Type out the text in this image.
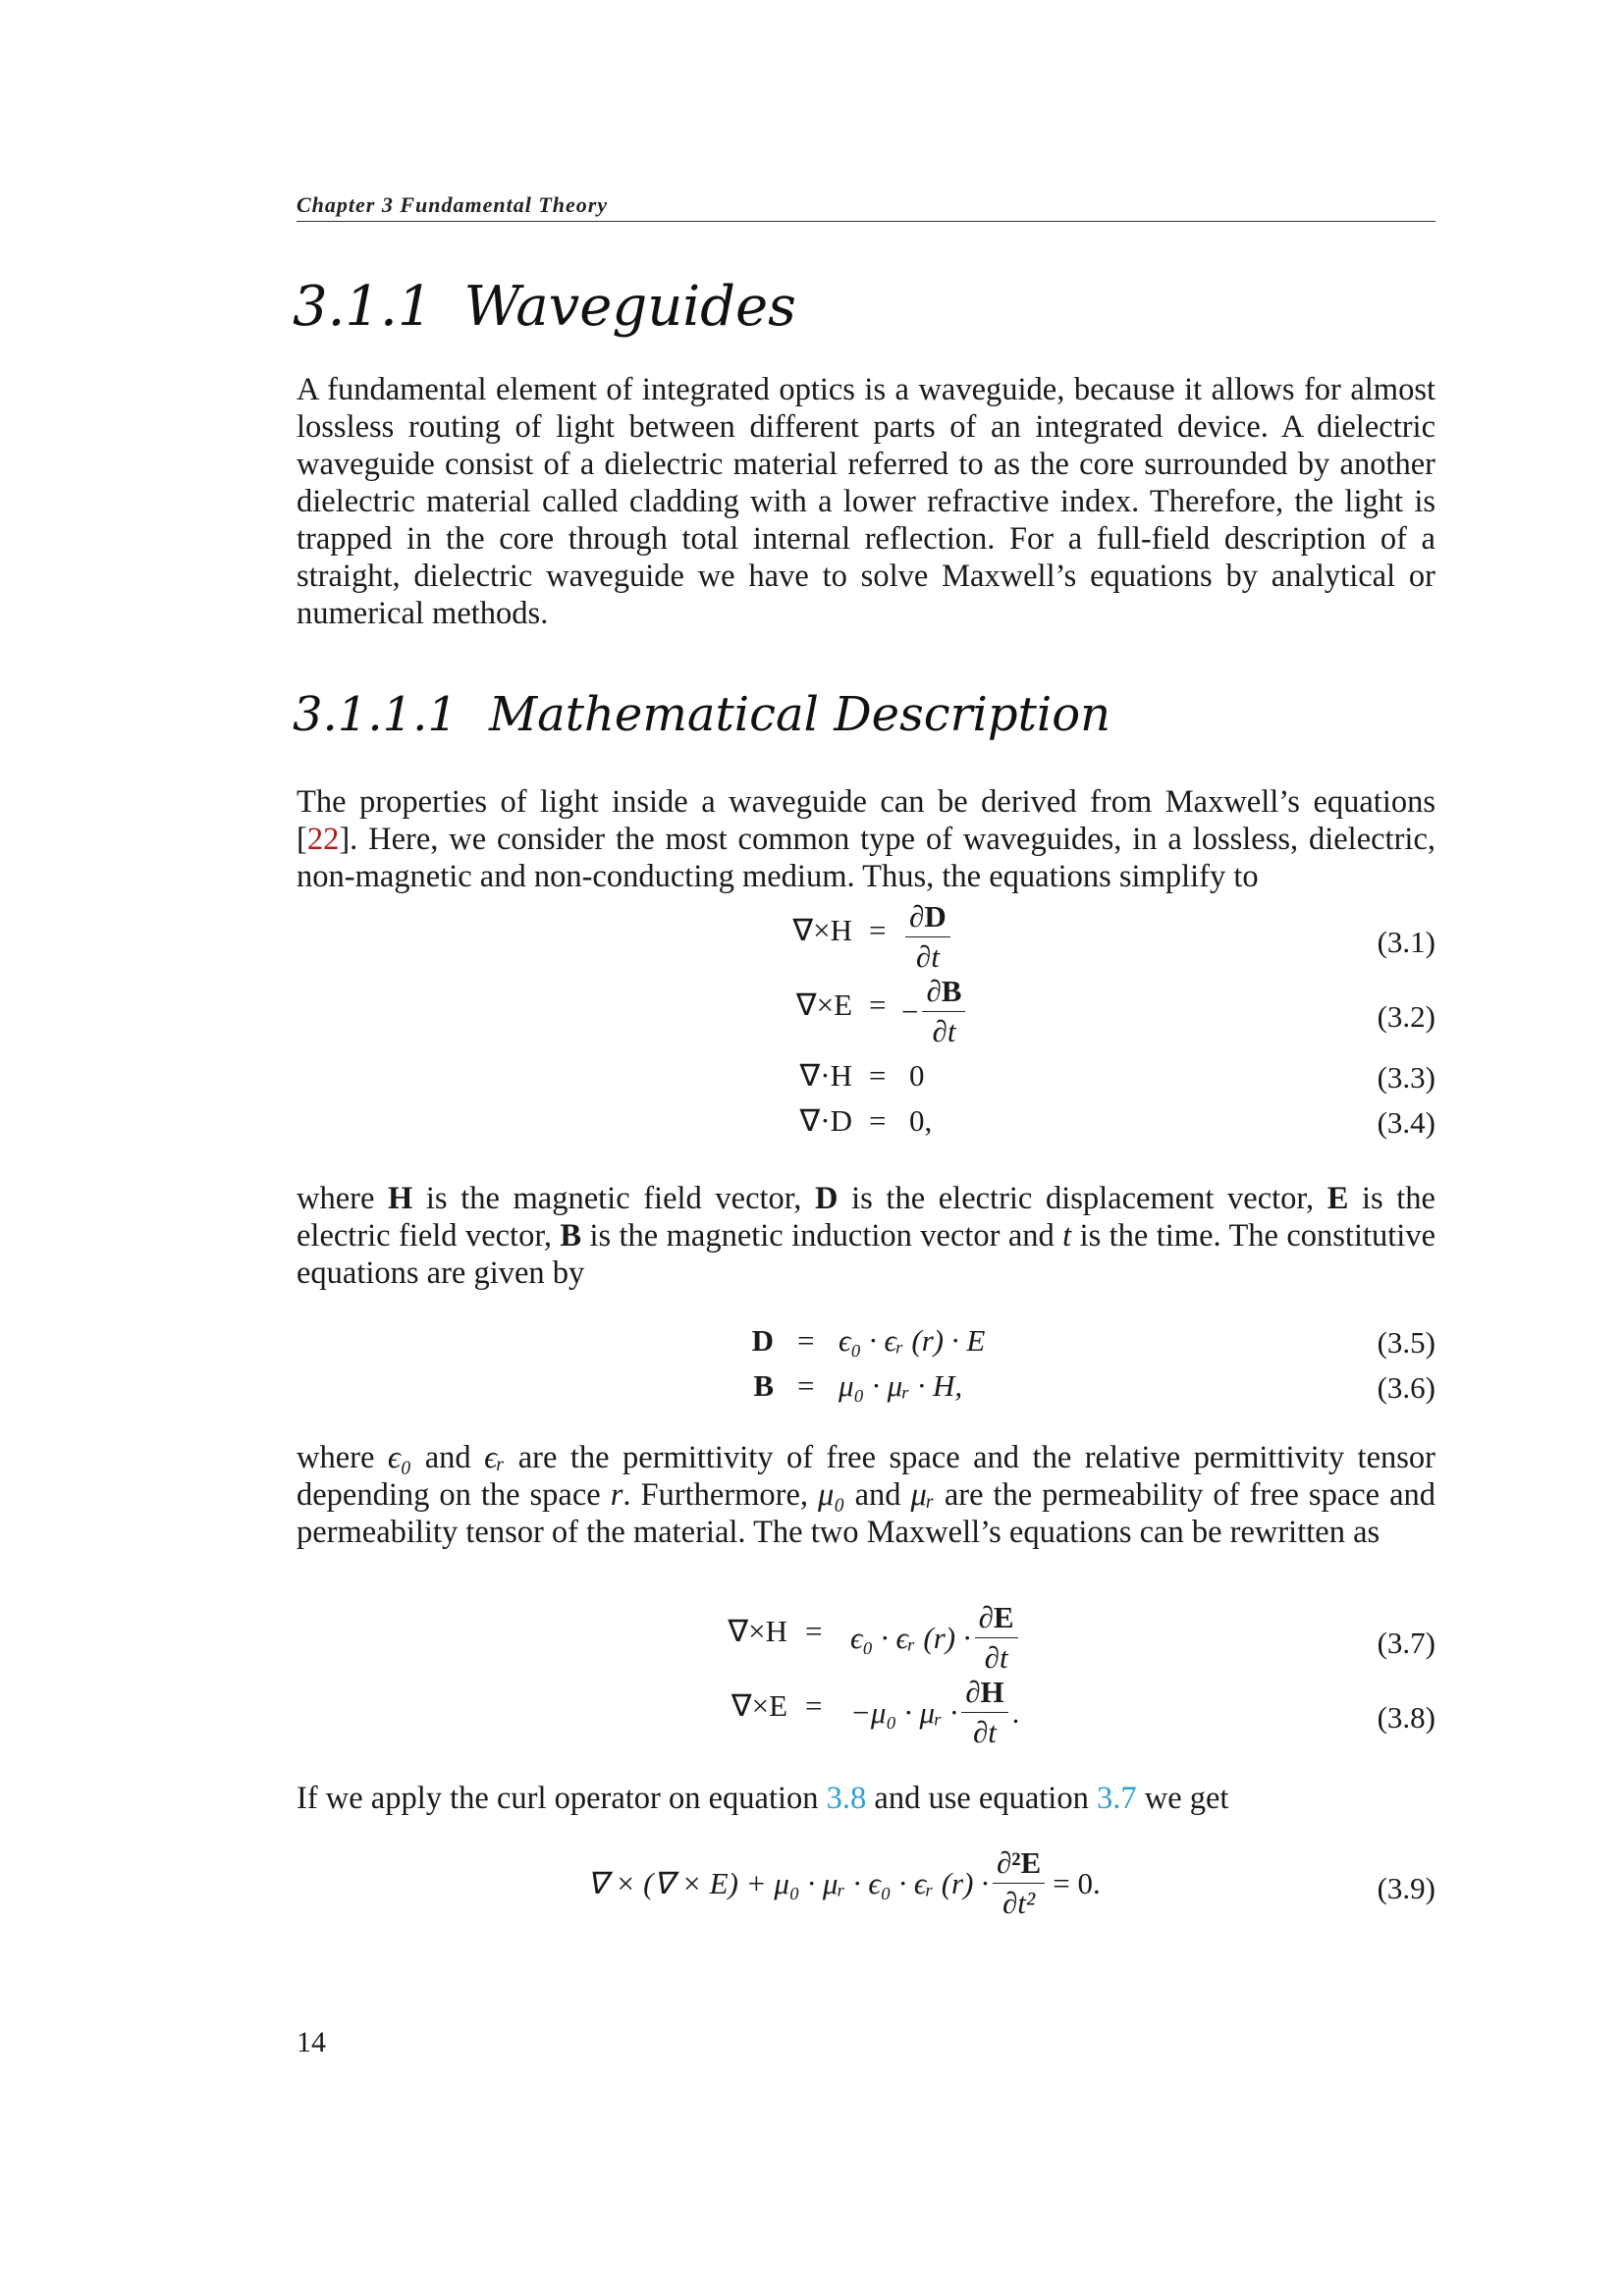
Chapter 3 Fundamental Theory
3.1.1 Waveguides

A fundamental element of integrated optics is a waveguide, because it allows for almost lossless routing of light between different parts of an integrated device. A dielectric waveguide consist of a dielectric material referred to as the core surrounded by another dielectric material called cladding with a lower refractive index. Therefore, the light is trapped in the core through total internal reflection. For a full-field description of a straight, dielectric waveguide we have to solve Maxwell’s equations by analytical or numerical methods.

3.1.1.1 Mathematical Description

The properties of light inside a waveguide can be derived from Maxwell’s equations [22]. Here, we consider the most common type of waveguides, in a lossless, dielectric, non-magnetic and non-conducting medium. Thus, the equations simplify to

$\nabla\times H = \frac{\partial D}{\partial t}$	(3.1)
∇×E = − $\frac{\partial B}{\partial t}$	(3.2)
∇·H = 0	(3.3)
∇·D = 0,	(3.4)

where H is the magnetic field vector, D is the electric displacement vector, E is the electric field vector, B is the magnetic induction vector and t is the time. The constitutive equations are given by

D = ϵ₀ · ϵᵣ (r) · E	(3.5)
B = μ₀ · μᵣ · H,	(3.6)

where ϵ₀ and ϵᵣ are the permittivity of free space and the relative permittivity tensor depending on the space r. Furthermore, μ₀ and μᵣ are the permeability of free space and permeability tensor of the material. The two Maxwell’s equations can be rewritten as

∇×H = ϵ₀ · ϵᵣ $(r) \cdot \frac{\partial E}{\partial t}$	(3.7)
∇×E = −μ₀ · μᵣ · $\frac{\partial H}{\partial t}$ .	(3.8)

If we apply the curl operator on equation 3.8 and use equation 3.7 we get

∇ × (∇ × E) + μ₀ · μᵣ · ϵ₀ · ϵᵣ $(r) \cdot \frac{\text{∂²E}}{\text{∂t²}} = 0$.	(3.9)
14
